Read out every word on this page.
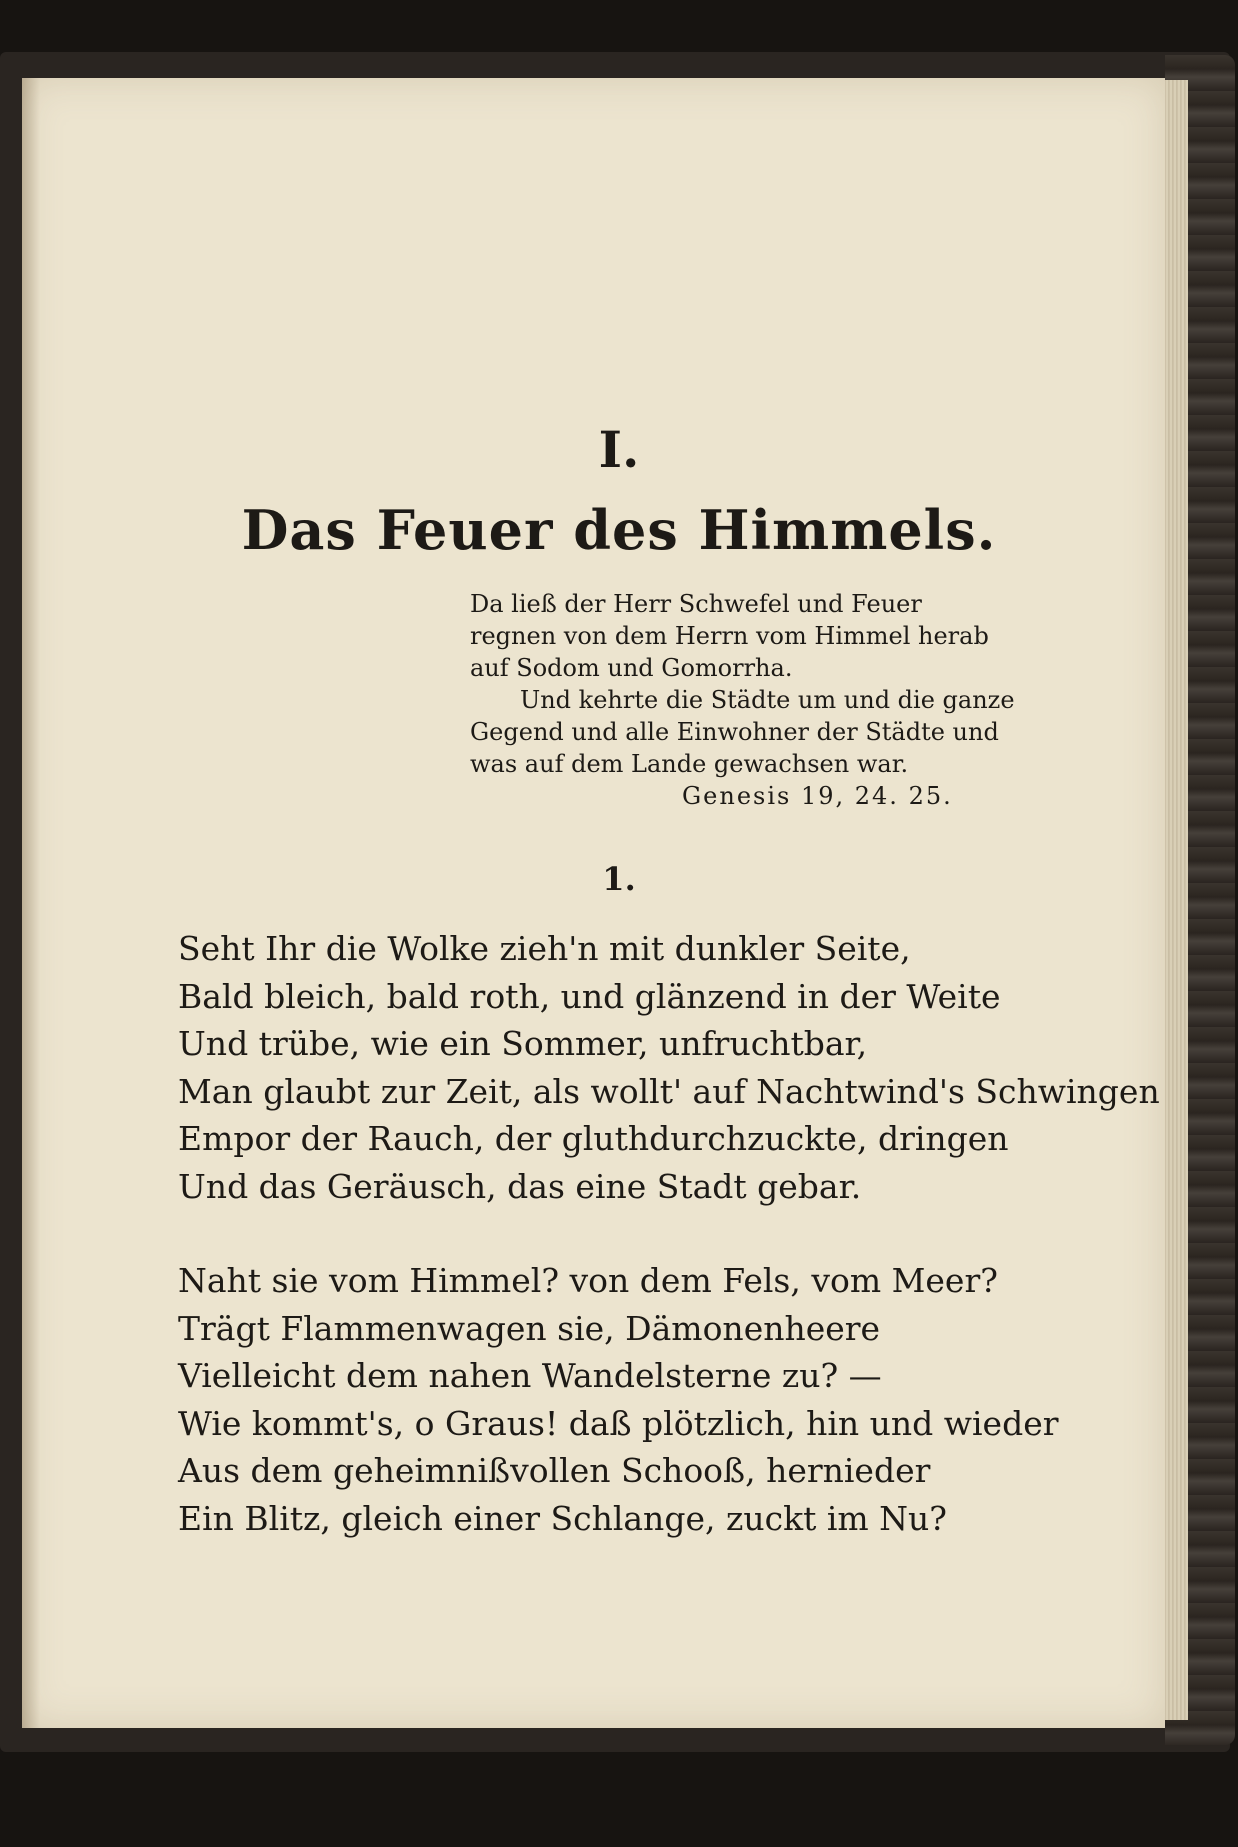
I.
Das Feuer des Himmels.
Da ließ der Herr Schwefel und Feuer
regnen von dem Herrn vom Himmel herab
auf Sodom und Gomorrha.
Und kehrte die Städte um und die ganze
Gegend und alle Einwohner der Städte und
was auf dem Lande gewachsen war.
Genesis 19, 24. 25.
1.
Seht Ihr die Wolke zieh'n mit dunkler Seite,
Bald bleich, bald roth, und glänzend in der Weite
Und trübe, wie ein Sommer, unfruchtbar,
Man glaubt zur Zeit, als wollt' auf Nachtwind's Schwingen
Empor der Rauch, der gluthdurchzuckte, dringen
Und das Geräusch, das eine Stadt gebar.
Naht sie vom Himmel? von dem Fels, vom Meer?
Trägt Flammenwagen sie, Dämonenheere
Vielleicht dem nahen Wandelsterne zu? —
Wie kommt's, o Graus! daß plötzlich, hin und wieder
Aus dem geheimnißvollen Schooß, hernieder
Ein Blitz, gleich einer Schlange, zuckt im Nu?
